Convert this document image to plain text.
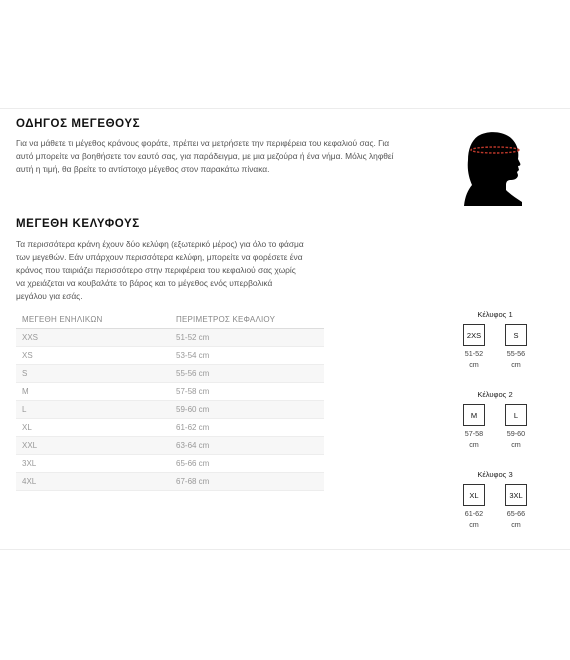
ΟΔΗΓΟΣ ΜΕΓΕΘΟΥΣ
Για να μάθετε τι μέγεθος κράνους φοράτε, πρέπει να μετρήσετε την περιφέρεια του κεφαλιού σας. Για
αυτό μπορείτε να βοηθήσετε τον εαυτό σας, για παράδειγμα, με μια μεζούρα ή ένα νήμα. Μόλις ληφθεί
αυτή η τιμή, θα βρείτε το αντίστοιχο μέγεθος στον παρακάτω πίνακα.
ΜΕΓΕΘΗ ΚΕΛΥΦΟΥΣ
Τα περισσότερα κράνη έχουν δύο κελύφη (εξωτερικό μέρος) για όλο το φάσμα
των μεγεθών. Εάν υπάρχουν περισσότερα κελύφη, μπορείτε να φορέσετε ένα
κράνος που ταιριάζει περισσότερο στην περιφέρεια του κεφαλιού σας χωρίς
να χρειάζεται να κουβαλάτε το βάρος και το μέγεθος ενός υπερβολικά
μεγάλου για εσάς.
ΜΕΓΕΘΗ ΕΝΗΛΙΚΩΝ	ΠΕΡΙΜΕΤΡΟΣ ΚΕΦΑΛΙΟΥ
XXS	51-52 cm
XS	53-54 cm
S	55-56 cm
M	57-58 cm
L	59-60 cm
XL	61-62 cm
XXL	63-64 cm
3XL	65-66 cm
4XL	67-68 cm
Κέλυφος 1
2XS
51-52
cm
S
55-56
cm
Κέλυφος 2
M
57-58
cm
L
59-60
cm
Κέλυφος 3
XL
61-62
cm
3XL
65-66
cm
